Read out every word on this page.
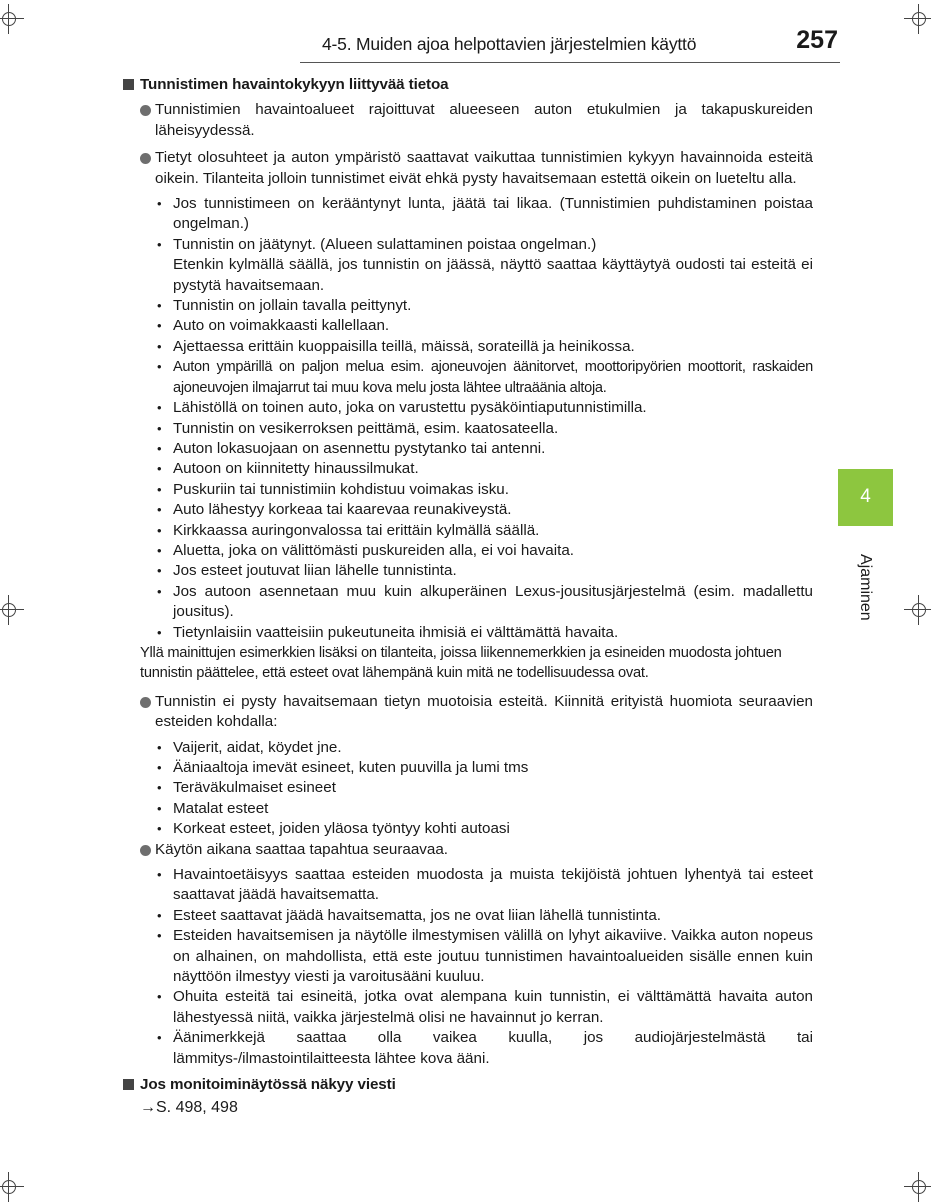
4-5. Muiden ajoa helpottavien järjestelmien käyttö	257
4
Ajaminen
Tunnistimen havaintokykyyn liittyvää tietoa
Tunnistimien havaintoalueet rajoittuvat alueeseen auton etukulmien ja takapuskureiden läheisyydessä.
Tietyt olosuhteet ja auton ympäristö saattavat vaikuttaa tunnistimien kykyyn havainnoida esteitä oikein. Tilanteita jolloin tunnistimet eivät ehkä pysty havaitsemaan estettä oikein on lueteltu alla.
• Jos tunnistimeen on kerääntynyt lunta, jäätä tai likaa. (Tunnistimien puhdistaminen poistaa ongelman.)
• Tunnistin on jäätynyt. (Alueen sulattaminen poistaa ongelman.)
Etenkin kylmällä säällä, jos tunnistin on jäässä, näyttö saattaa käyttäytyä oudosti tai esteitä ei pystytä havaitsemaan.
• Tunnistin on jollain tavalla peittynyt.
• Auto on voimakkaasti kallellaan.
• Ajettaessa erittäin kuoppaisilla teillä, mäissä, sorateillä ja heinikossa.
• Auton ympärillä on paljon melua esim. ajoneuvojen äänitorvet, moottoripyörien moottorit, raskaiden ajoneuvojen ilmajarrut tai muu kova melu josta lähtee ultraäänia altoja.
• Lähistöllä on toinen auto, joka on varustettu pysäköintiaputunnistimilla.
• Tunnistin on vesikerroksen peittämä, esim. kaatosateella.
• Auton lokasuojaan on asennettu pystytanko tai antenni.
• Autoon on kiinnitetty hinaussilmukat.
• Puskuriin tai tunnistimiin kohdistuu voimakas isku.
• Auto lähestyy korkeaa tai kaarevaa reunakiveystä.
• Kirkkaassa auringonvalossa tai erittäin kylmällä säällä.
• Aluetta, joka on välittömästi puskureiden alla, ei voi havaita.
• Jos esteet joutuvat liian lähelle tunnistinta.
• Jos autoon asennetaan muu kuin alkuperäinen Lexus-jousitusjärjestelmä (esim. madallettu jousitus).
• Tietynlaisiin vaatteisiin pukeutuneita ihmisiä ei välttämättä havaita.
Yllä mainittujen esimerkkien lisäksi on tilanteita, joissa liikennemerkkien ja esineiden muodosta johtuen tunnistin päättelee, että esteet ovat lähempänä kuin mitä ne todellisuudessa ovat.
Tunnistin ei pysty havaitsemaan tietyn muotoisia esteitä. Kiinnitä erityistä huomiota seuraavien esteiden kohdalla:
• Vaijerit, aidat, köydet jne.
• Ääniaaltoja imevät esineet, kuten puuvilla ja lumi tms
• Teräväkulmaiset esineet
• Matalat esteet
• Korkeat esteet, joiden yläosa työntyy kohti autoasi
Käytön aikana saattaa tapahtua seuraavaa.
• Havaintoetäisyys saattaa esteiden muodosta ja muista tekijöistä johtuen lyhentyä tai esteet saattavat jäädä havaitsematta.
• Esteet saattavat jäädä havaitsematta, jos ne ovat liian lähellä tunnistinta.
• Esteiden havaitsemisen ja näytölle ilmestymisen välillä on lyhyt aikaviive. Vaikka auton nopeus on alhainen, on mahdollista, että este joutuu tunnistimen havaintoalueiden sisälle ennen kuin näyttöön ilmestyy viesti ja varoitusääni kuuluu.
• Ohuita esteitä tai esineitä, jotka ovat alempana kuin tunnistin, ei välttämättä havaita auton lähestyessä niitä, vaikka järjestelmä olisi ne havainnut jo kerran.
• Äänimerkkejä saattaa olla vaikea kuulla, jos audiojärjestelmästä tai lämmitys-/ilmastointilaitteesta lähtee kova ääni.
Jos monitoiminäytössä näkyy viesti
→S. 498, 498
